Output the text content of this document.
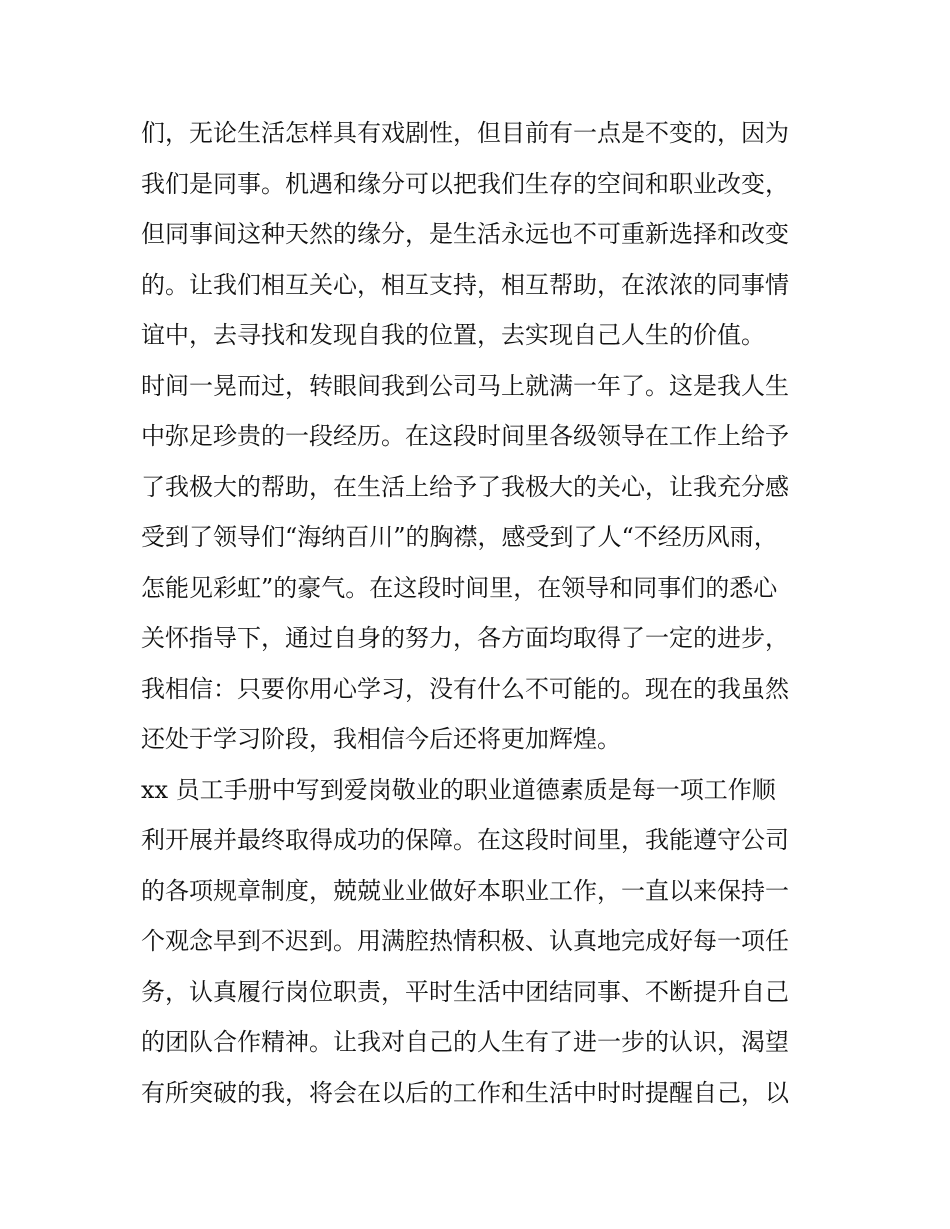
们，无论生活怎样具有戏剧性，但目前有一点是不变的，因为
我们是同事。机遇和缘分可以把我们生存的空间和职业改变，
但同事间这种天然的缘分，是生活永远也不可重新选择和改变
的。让我们相互关心，相互支持，相互帮助，在浓浓的同事情
谊中，去寻找和发现自我的位置，去实现自己人生的价值。
时间一晃而过，转眼间我到公司马上就满一年了。这是我人生
中弥足珍贵的一段经历。在这段时间里各级领导在工作上给予
了我极大的帮助，在生活上给予了我极大的关心，让我充分感
受到了领导们“海纳百川”的胸襟，感受到了人“不经历风雨，
怎能见彩虹”的豪气。在这段时间里，在领导和同事们的悉心
关怀指导下，通过自身的努力，各方面均取得了一定的进步，
我相信：只要你用心学习，没有什么不可能的。现在的我虽然
还处于学习阶段，我相信今后还将更加辉煌。
xx 员工手册中写到爱岗敬业的职业道德素质是每一项工作顺
利开展并最终取得成功的保障。在这段时间里，我能遵守公司
的各项规章制度，兢兢业业做好本职业工作，一直以来保持一
个观念早到不迟到。用满腔热情积极、认真地完成好每一项任
务，认真履行岗位职责，平时生活中团结同事、不断提升自己
的团队合作精神。让我对自己的人生有了进一步的认识，渴望
有所突破的我，将会在以后的工作和生活中时时提醒自己，以
